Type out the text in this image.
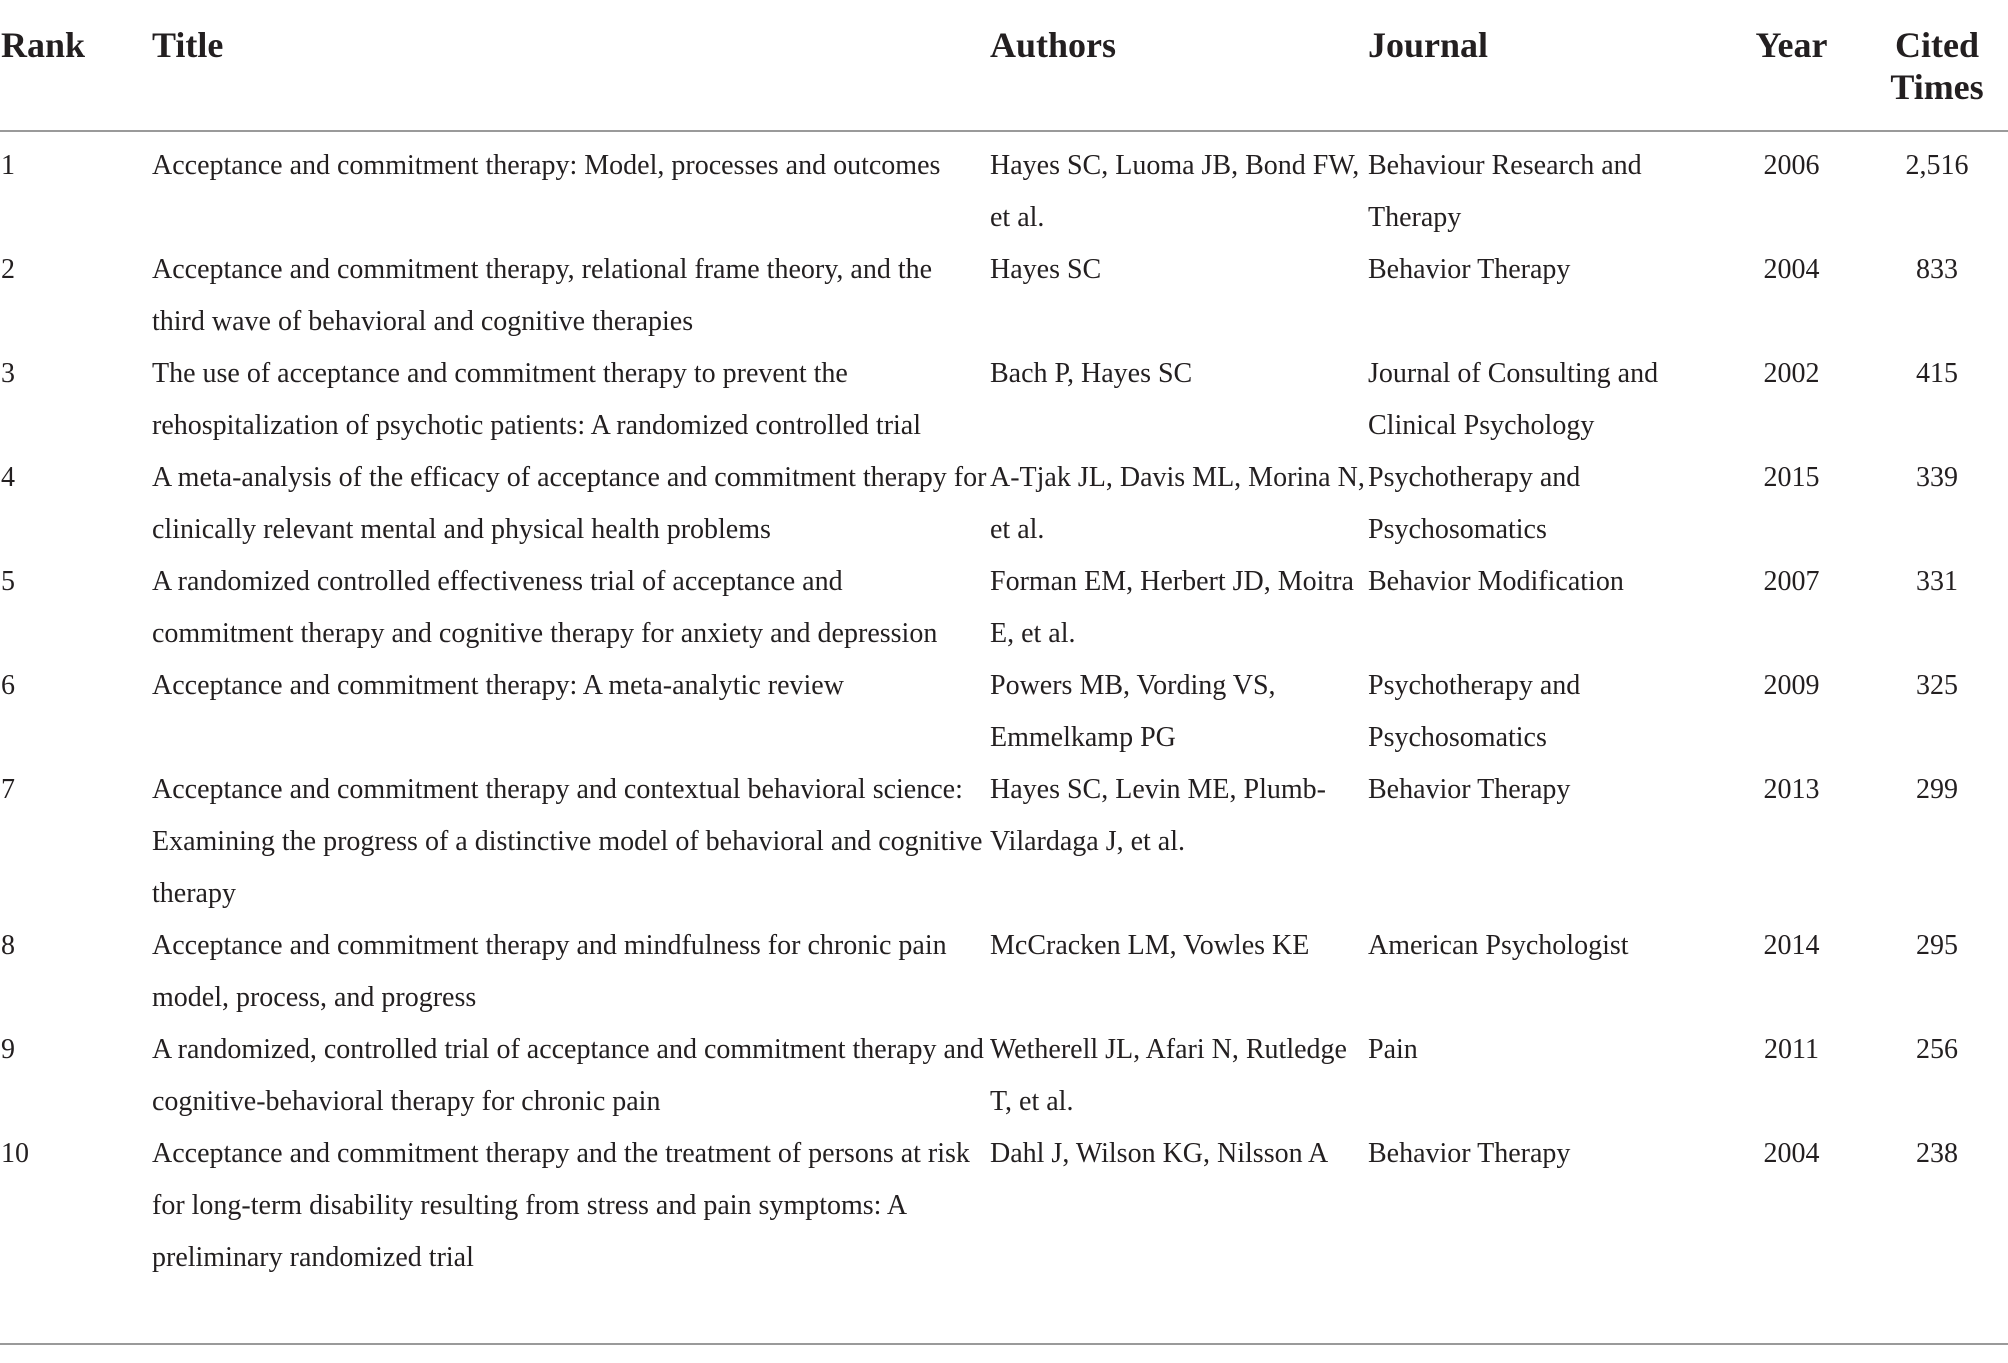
Rank	Title	Authors	Journal	Year	Cited
Times

1	Acceptance and commitment therapy: Model, processes and outcomes	Hayes SC, Luoma JB, Bond FW, et al.	Behaviour Research and Therapy	2006	2,516
2	Acceptance and commitment therapy, relational frame theory, and the third wave of behavioral and cognitive therapies	Hayes SC	Behavior Therapy	2004	833
3	The use of acceptance and commitment therapy to prevent the rehospitalization of psychotic patients: A randomized controlled trial	Bach P, Hayes SC	Journal of Consulting and Clinical Psychology	2002	415
4	A meta-analysis of the efficacy of acceptance and commitment therapy for clinically relevant mental and physical health problems	A-Tjak JL, Davis ML, Morina N, et al.	Psychotherapy and Psychosomatics	2015	339
5	A randomized controlled effectiveness trial of acceptance and commitment therapy and cognitive therapy for anxiety and depression	Forman EM, Herbert JD, Moitra E, et al.	Behavior Modification	2007	331
6	Acceptance and commitment therapy: A meta-analytic review	Powers MB, Vording VS, Emmelkamp PG	Psychotherapy and Psychosomatics	2009	325
7	Acceptance and commitment therapy and contextual behavioral science: Examining the progress of a distinctive model of behavioral and cognitive therapy	Hayes SC, Levin ME, Plumb-Vilardaga J, et al.	Behavior Therapy	2013	299
8	Acceptance and commitment therapy and mindfulness for chronic pain model, process, and progress	McCracken LM, Vowles KE	American Psychologist	2014	295
9	A randomized, controlled trial of acceptance and commitment therapy and cognitive-behavioral therapy for chronic pain	Wetherell JL, Afari N, Rutledge T, et al.	Pain	2011	256
10	Acceptance and commitment therapy and the treatment of persons at risk for long-term disability resulting from stress and pain symptoms: A preliminary randomized trial	Dahl J, Wilson KG, Nilsson A	Behavior Therapy	2004	238
